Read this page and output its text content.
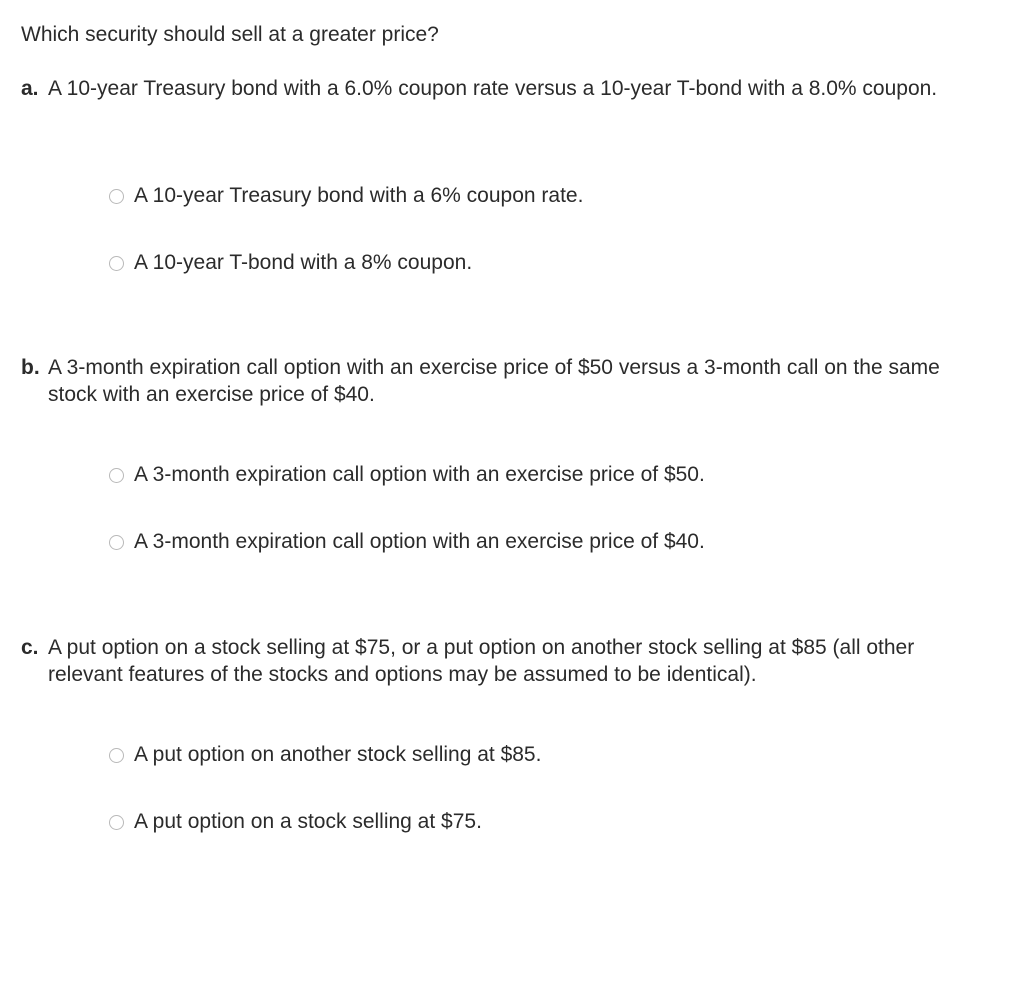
Which security should sell at a greater price?

a. A 10-year Treasury bond with a 6.0% coupon rate versus a 10-year T-bond with a 8.0% coupon.
A 10-year Treasury bond with a 6% coupon rate.
A 10-year T-bond with a 8% coupon.
b. A 3-month expiration call option with an exercise price of $50 versus a 3-month call on the same stock with an exercise price of $40.
A 3-month expiration call option with an exercise price of $50.
A 3-month expiration call option with an exercise price of $40.
c. A put option on a stock selling at $75, or a put option on another stock selling at $85 (all other relevant features of the stocks and options may be assumed to be identical).
A put option on another stock selling at $85.
A put option on a stock selling at $75.
